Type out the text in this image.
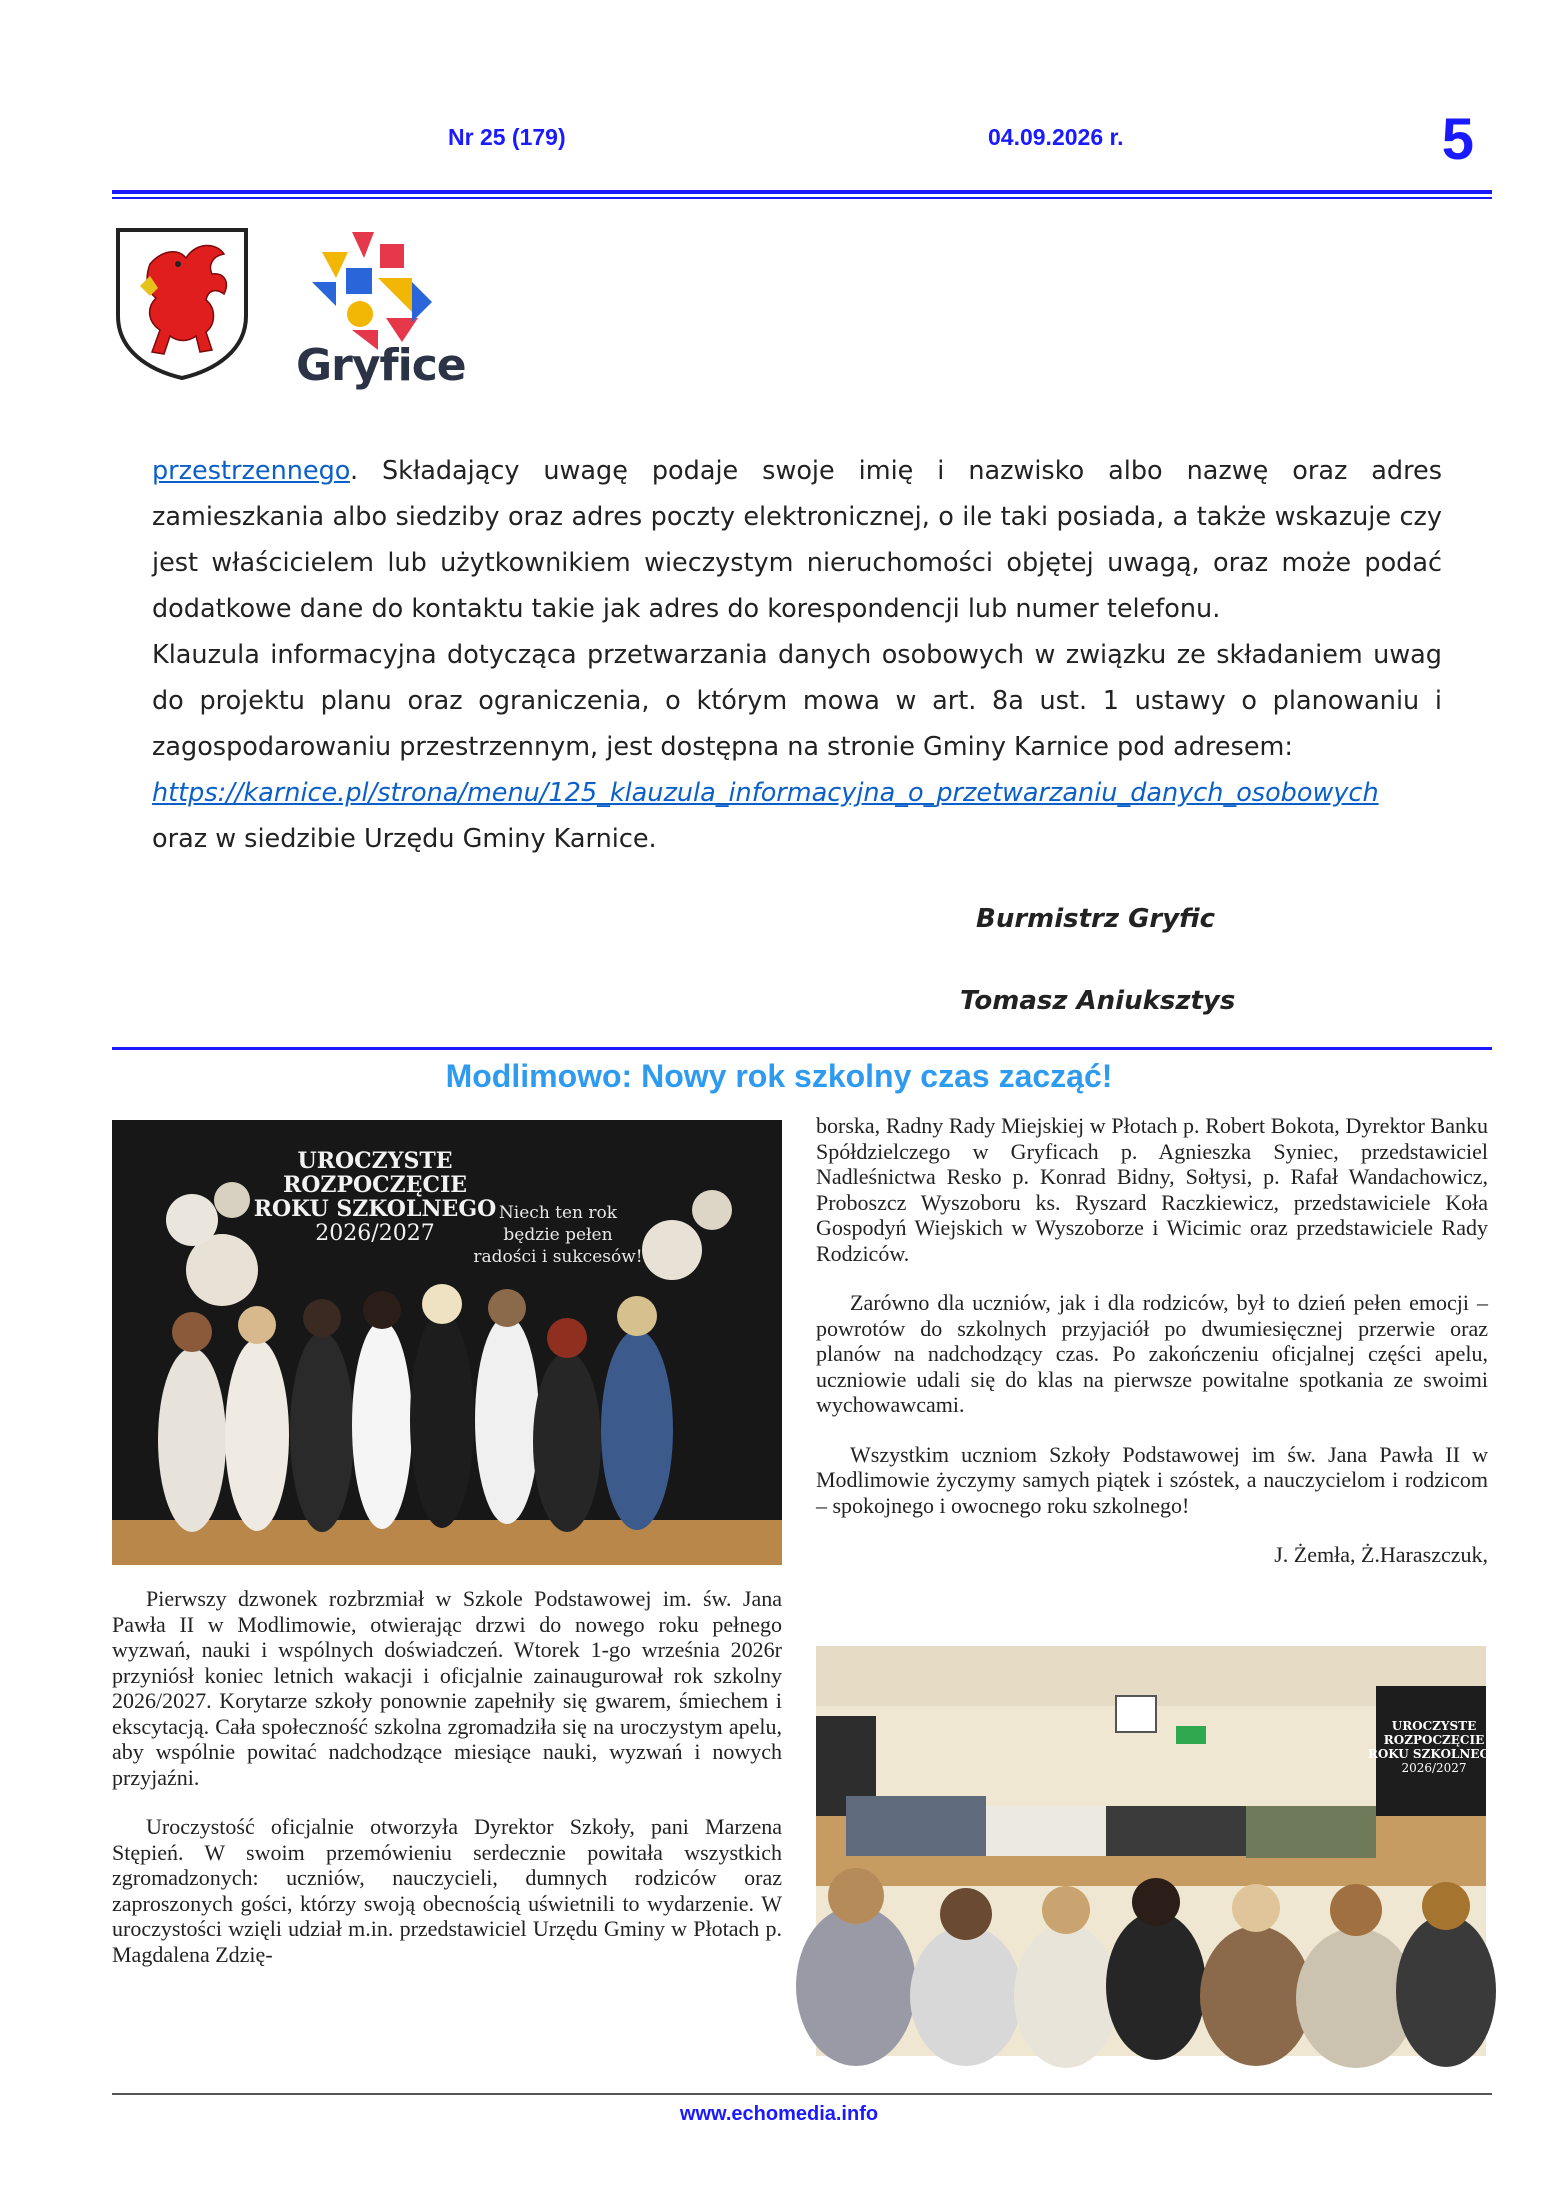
Nr 25 (179)	04.09.2026 r.	5
Gryfice

przestrzennego. Składający uwagę podaje swoje imię i nazwisko albo nazwę oraz adres zamieszkania albo siedziby oraz adres poczty elektronicznej, o ile taki posiada, a także wskazuje czy jest właścicielem lub użytkownikiem wieczystym nieruchomości objętej uwagą, oraz może podać dodatkowe dane do kontaktu takie jak adres do korespondencji lub numer telefonu.

Klauzula informacyjna dotycząca przetwarzania danych osobowych w związku ze składaniem uwag do projektu planu oraz ograniczenia, o którym mowa w art. 8a ust. 1 ustawy o planowaniu i zagospodarowaniu przestrzennym, jest dostępna na stronie Gminy Karnice pod adresem:
https://karnice.pl/strona/menu/125_klauzula_informacyjna_o_przetwarzaniu_danych_osobowych
oraz w siedzibie Urzędu Gminy Karnice.

Burmistrz Gryfic
Tomasz Aniuksztys
Modlimowo: Nowy rok szkolny czas zacząć!
UROCZYSTE
ROZPOCZĘCIE
ROKU SZKOLNEGO
2026/2027
Niech ten rok
będzie pełen
radości i sukcesów!
UROCZYSTE
ROZPOCZĘCIE
ROKU SZKOLNEGO
2026/2027

Pierwszy dzwonek rozbrzmiał w Szkole Podstawowej im. św. Jana Pawła II w Modlimowie, otwierając drzwi do nowego roku pełnego wyzwań, nauki i wspólnych doświadczeń. Wtorek 1-go września 2026r przyniósł koniec letnich wakacji i oficjalnie zainaugurował rok szkolny 2026/2027. Korytarze szkoły ponownie zapełniły się gwarem, śmiechem i ekscytacją. Cała społeczność szkolna zgromadziła się na uroczystym apelu, aby wspólnie powitać nadchodzące miesiące nauki, wyzwań i nowych przyjaźni.

Uroczystość oficjalnie otworzyła Dyrektor Szkoły, pani Marzena Stępień. W swoim przemówieniu serdecznie powitała wszystkich zgromadzonych: uczniów, nauczycieli, dumnych rodziców oraz zaproszonych gości, którzy swoją obecnością uświetnili to wydarzenie. W uroczystości wzięli udział m.in. przedstawiciel Urzędu Gminy w Płotach p. Magdalena Zdzię-

borska, Radny Rady Miejskiej w Płotach p. Robert Bokota, Dyrektor Banku Spółdzielczego w Gryficach p. Agnieszka Syniec, przedstawiciel Nadleśnictwa Resko p. Konrad Bidny, Sołtysi, p. Rafał Wandachowicz, Proboszcz Wyszoboru ks. Ryszard Raczkiewicz, przedstawiciele Koła Gospodyń Wiejskich w Wyszoborze i Wicimic oraz przedstawiciele Rady Rodziców.

Zarówno dla uczniów, jak i dla rodziców, był to dzień pełen emocji – powrotów do szkolnych przyjaciół po dwumiesięcznej przerwie oraz planów na nadchodzący czas. Po zakończeniu oficjalnej części apelu, uczniowie udali się do klas na pierwsze powitalne spotkania ze swoimi wychowawcami.

Wszystkim uczniom Szkoły Podstawowej im św. Jana Pawła II w Modlimowie życzymy samych piątek i szóstek, a nauczycielom i rodzicom – spokojnego i owocnego roku szkolnego!

J. Żemła, Ż.Haraszczuk,

www.echomedia.info
